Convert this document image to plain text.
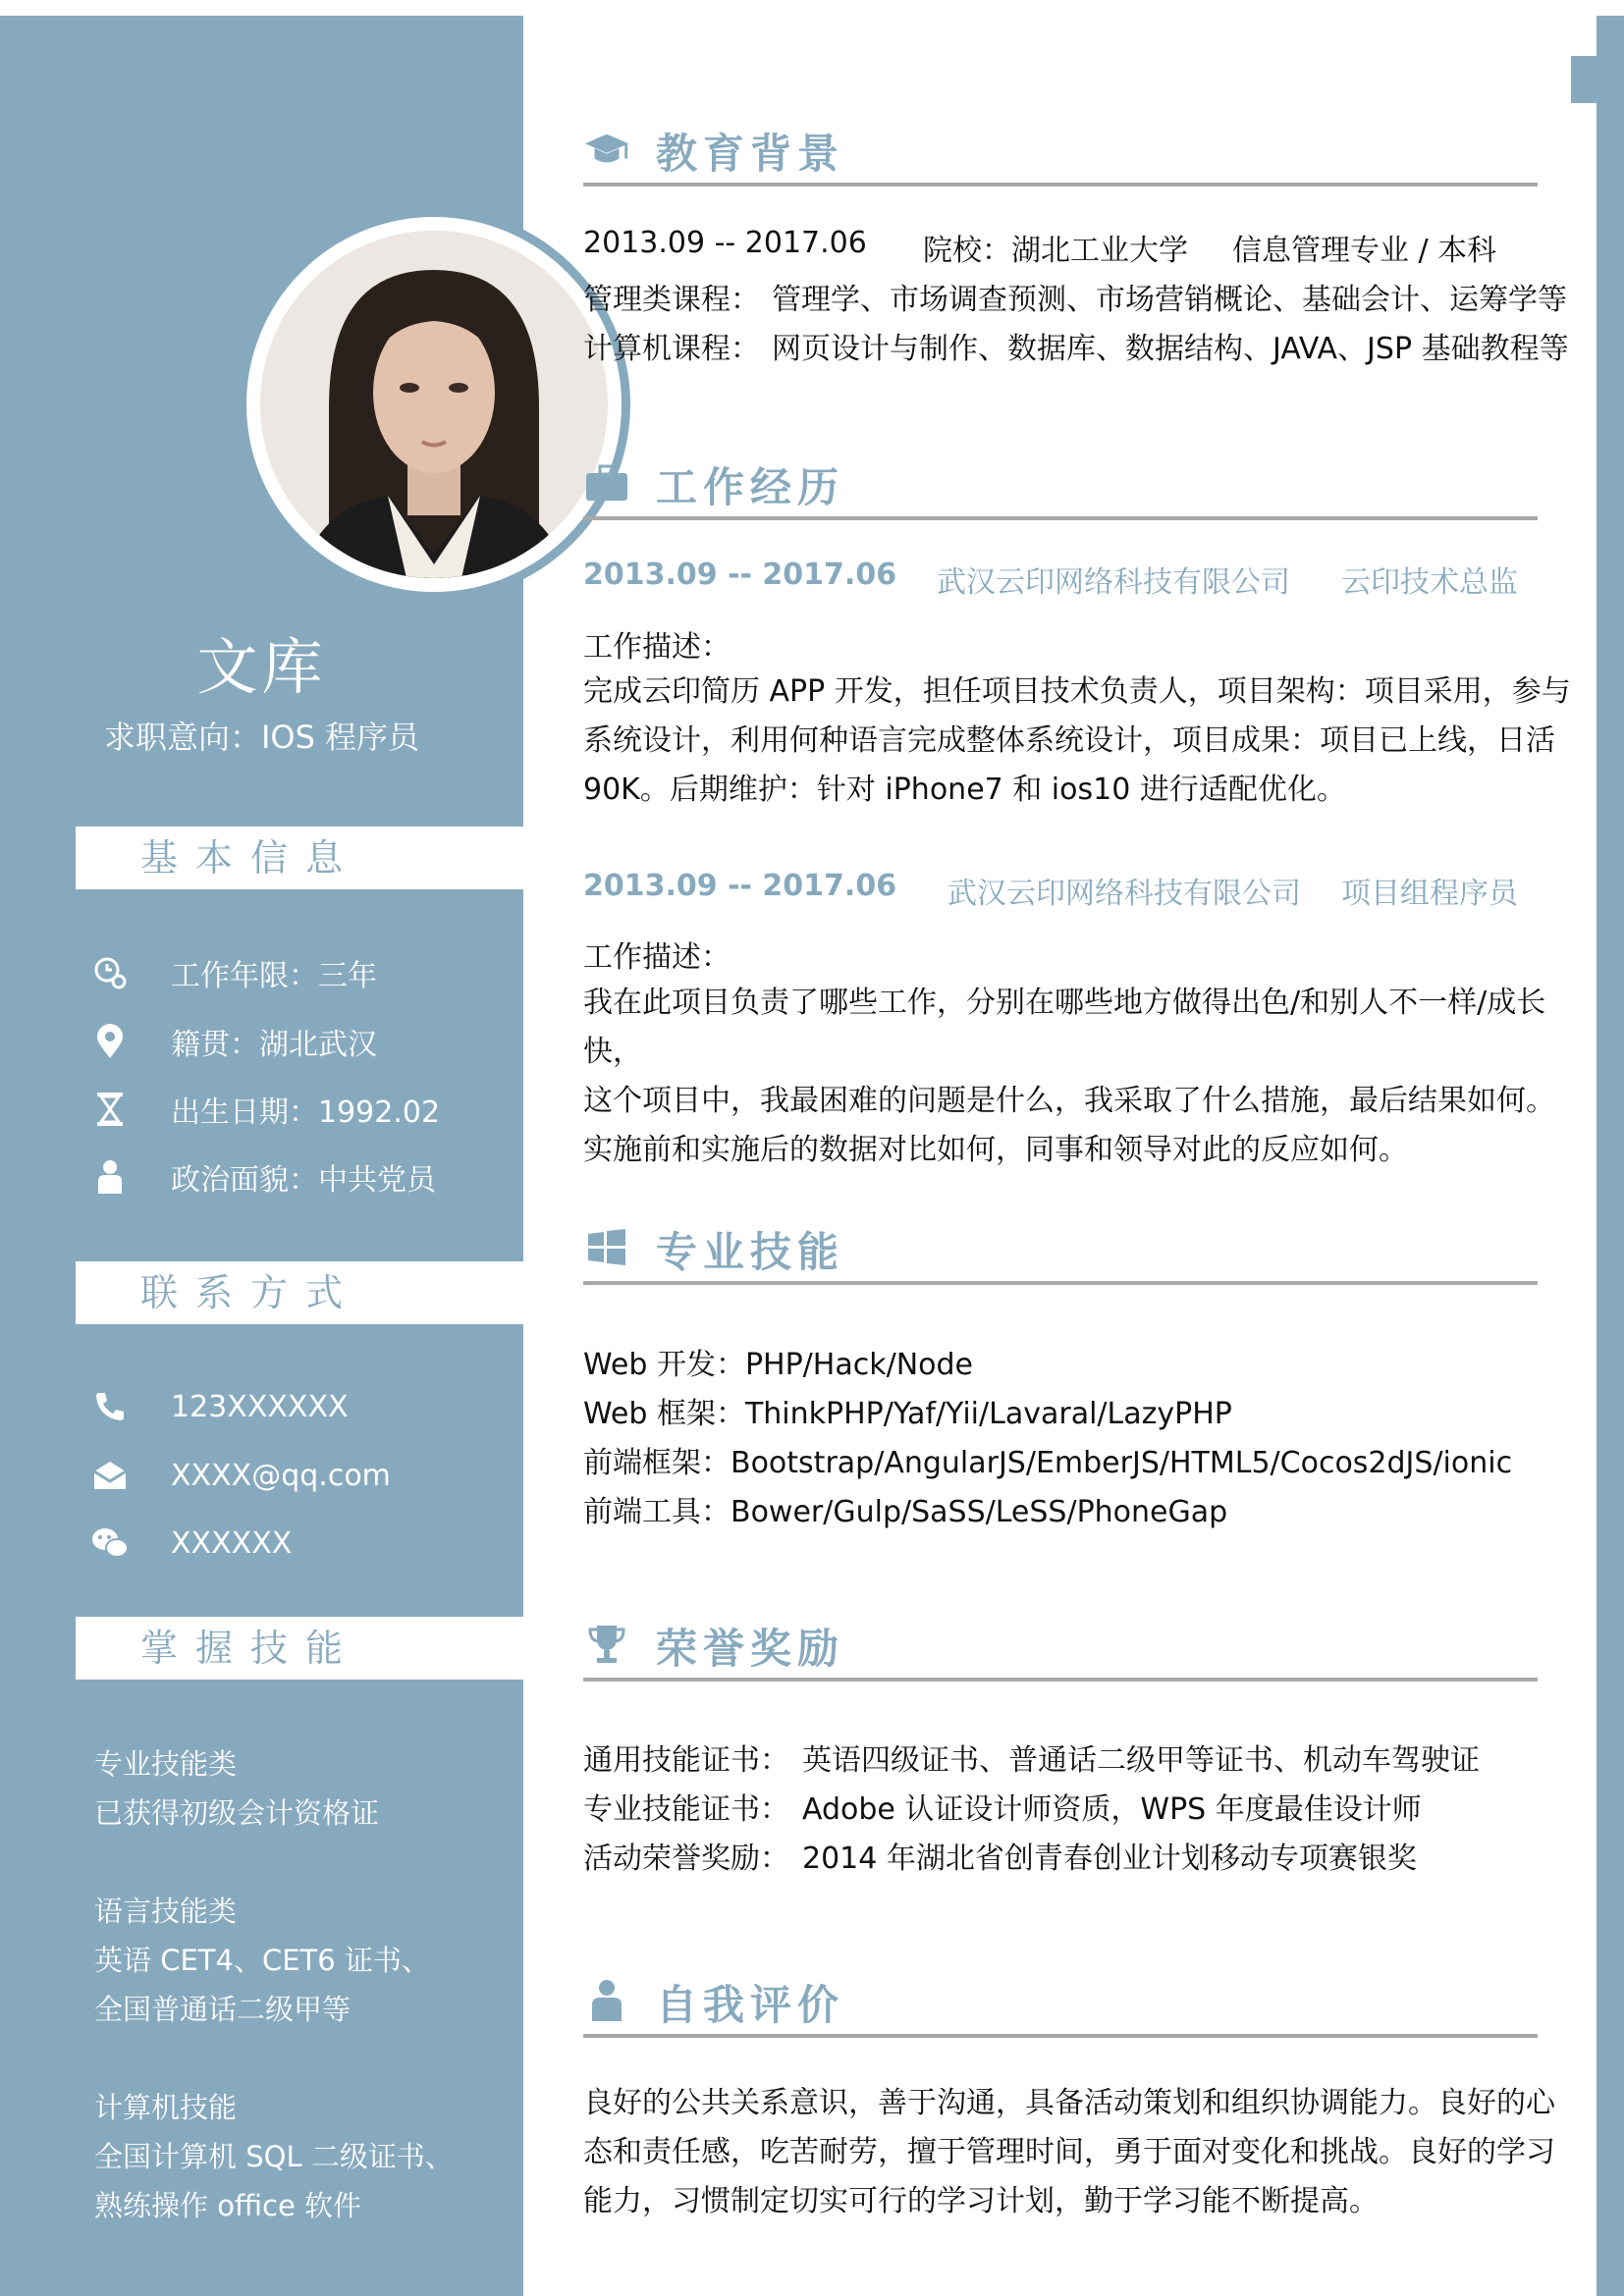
文库
求职意向：IOS 程序员
基本信息
工作年限：三年
籍贯：湖北武汉
出生日期：1992.02
政治面貌：中共党员
联系方式
123XXXXXX
XXXX@qq.com
XXXXXX
掌握技能
专业技能类
已获得初级会计资格证
语言技能类
英语 CET4、CET6 证书、
全国普通话二级甲等
计算机技能
全国计算机 SQL 二级证书、
熟练操作 office 软件
教育背景
2013.09 -- 2017.06 院校：湖北工业大学 信息管理专业 / 本科
管理类课程： 管理学、市场调查预测、市场营销概论、基础会计、运筹学等
计算机课程： 网页设计与制作、数据库、数据结构、JAVA、JSP 基础教程等
工作经历
2013.09 -- 2017.06 武汉云印网络科技有限公司 云印技术总监
工作描述：
完成云印简历 APP 开发，担任项目技术负责人，项目架构：项目采用，参与
系统设计，利用何种语言完成整体系统设计，项目成果：项目已上线，日活
90K。后期维护：针对 iPhone7 和 ios10 进行适配优化。
2013.09 -- 2017.06 武汉云印网络科技有限公司 项目组程序员
工作描述：
我在此项目负责了哪些工作，分别在哪些地方做得出色/和别人不一样/成长快，
这个项目中，我最困难的问题是什么，我采取了什么措施，最后结果如何。
实施前和实施后的数据对比如何，同事和领导对此的反应如何。
专业技能
Web 开发：PHP/Hack/Node
Web 框架：ThinkPHP/Yaf/Yii/Lavaral/LazyPHP
前端框架：Bootstrap/AngularJS/EmberJS/HTML5/Cocos2dJS/ionic
前端工具：Bower/Gulp/SaSS/LeSS/PhoneGap
荣誉奖励
通用技能证书： 英语四级证书、普通话二级甲等证书、机动车驾驶证
专业技能证书： Adobe 认证设计师资质，WPS 年度最佳设计师
活动荣誉奖励： 2014 年湖北省创青春创业计划移动专项赛银奖
自我评价
良好的公共关系意识，善于沟通，具备活动策划和组织协调能力。良好的心
态和责任感，吃苦耐劳，擅于管理时间，勇于面对变化和挑战。良好的学习
能力，习惯制定切实可行的学习计划，勤于学习能不断提高。
